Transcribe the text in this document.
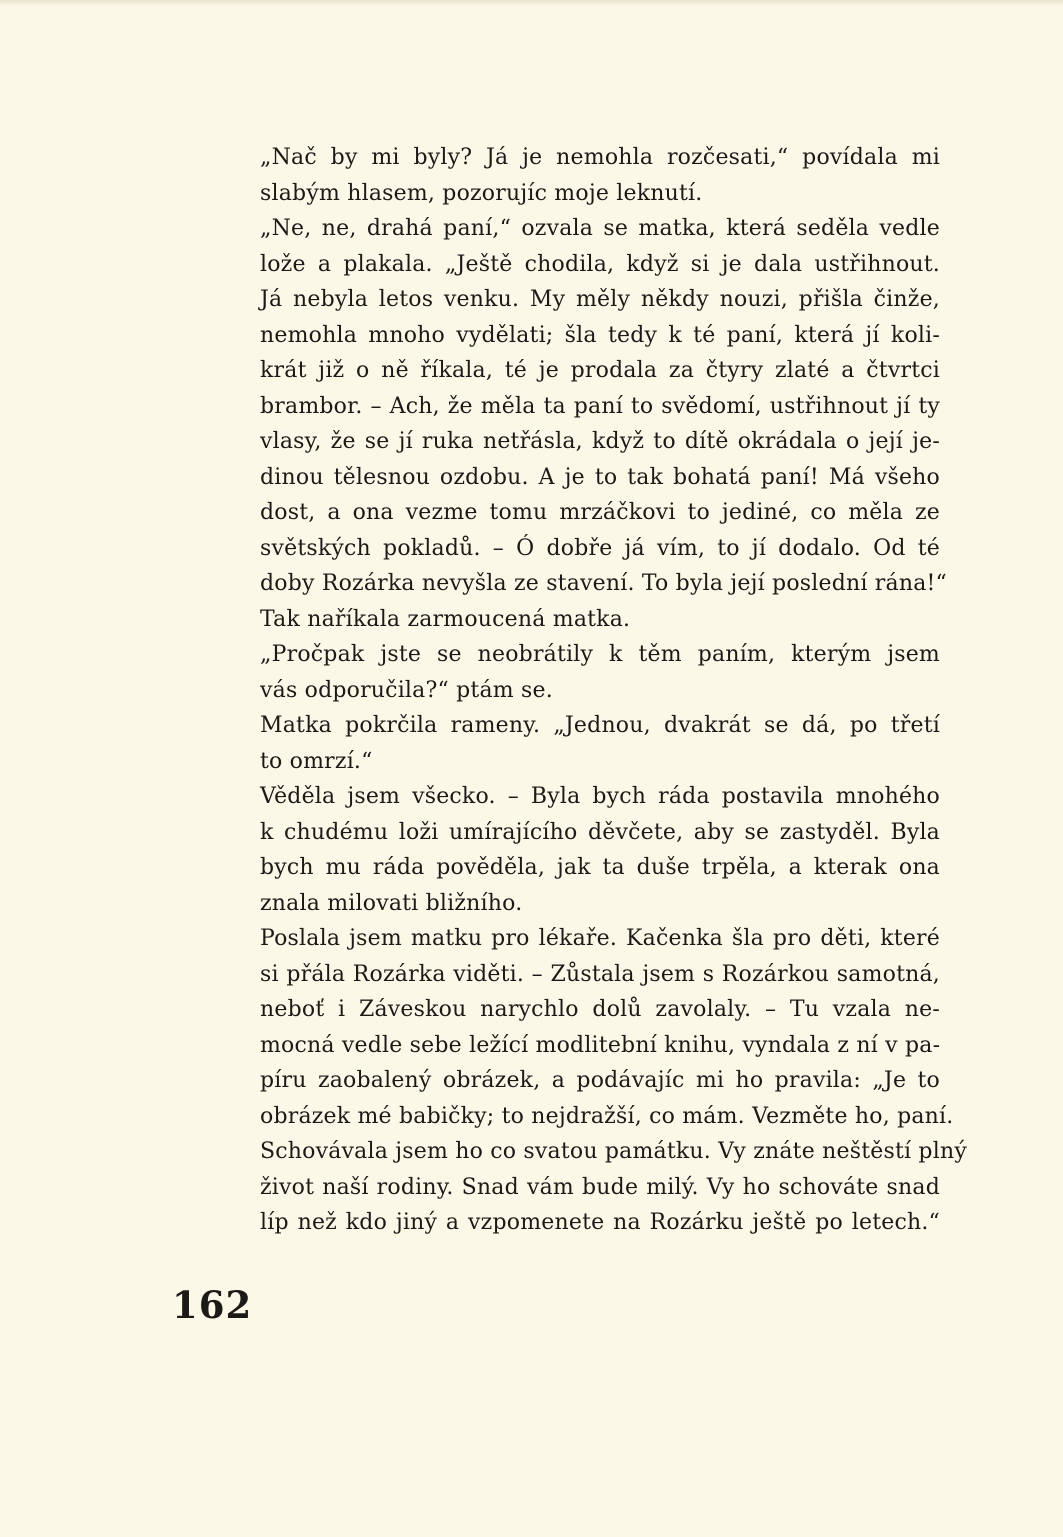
„Nač by mi byly? Já je nemohla rozčesati,“ povídala mi
slabým hlasem, pozorujíc moje leknutí.
„Ne, ne, drahá paní,“ ozvala se matka, která seděla vedle
lože a plakala. „Ještě chodila, když si je dala ustřihnout.
Já nebyla letos venku. My měly někdy nouzi, přišla činže,
nemohla mnoho vydělati; šla tedy k té paní, která jí koli-
krát již o ně říkala, té je prodala za čtyry zlaté a čtvrtci
brambor. – Ach, že měla ta paní to svědomí, ustřihnout jí ty
vlasy, že se jí ruka netřásla, když to dítě okrádala o její je-
dinou tělesnou ozdobu. A je to tak bohatá paní! Má všeho
dost, a ona vezme tomu mrzáčkovi to jediné, co měla ze
světských pokladů. – Ó dobře já vím, to jí dodalo. Od té
doby Rozárka nevyšla ze stavení. To byla její poslední rána!“
Tak naříkala zarmoucená matka.
„Pročpak jste se neobrátily k těm paním, kterým jsem
vás odporučila?“ ptám se.
Matka pokrčila rameny. „Jednou, dvakrát se dá, po třetí
to omrzí.“
Věděla jsem všecko. – Byla bych ráda postavila mnohého
k chudému loži umírajícího děvčete, aby se zastyděl. Byla
bych mu ráda pověděla, jak ta duše trpěla, a kterak ona
znala milovati bližního.
Poslala jsem matku pro lékaře. Kačenka šla pro děti, které
si přála Rozárka viděti. – Zůstala jsem s Rozárkou samotná,
neboť i Záveskou narychlo dolů zavolaly. – Tu vzala ne-
mocná vedle sebe ležící modlitební knihu, vyndala z ní v pa-
píru zaobalený obrázek, a podávajíc mi ho pravila: „Je to
obrázek mé babičky; to nejdražší, co mám. Vezměte ho, paní.
Schovávala jsem ho co svatou památku. Vy znáte neštěstí plný
život naší rodiny. Snad vám bude milý. Vy ho schováte snad
líp než kdo jiný a vzpomenete na Rozárku ještě po letech.“
162
